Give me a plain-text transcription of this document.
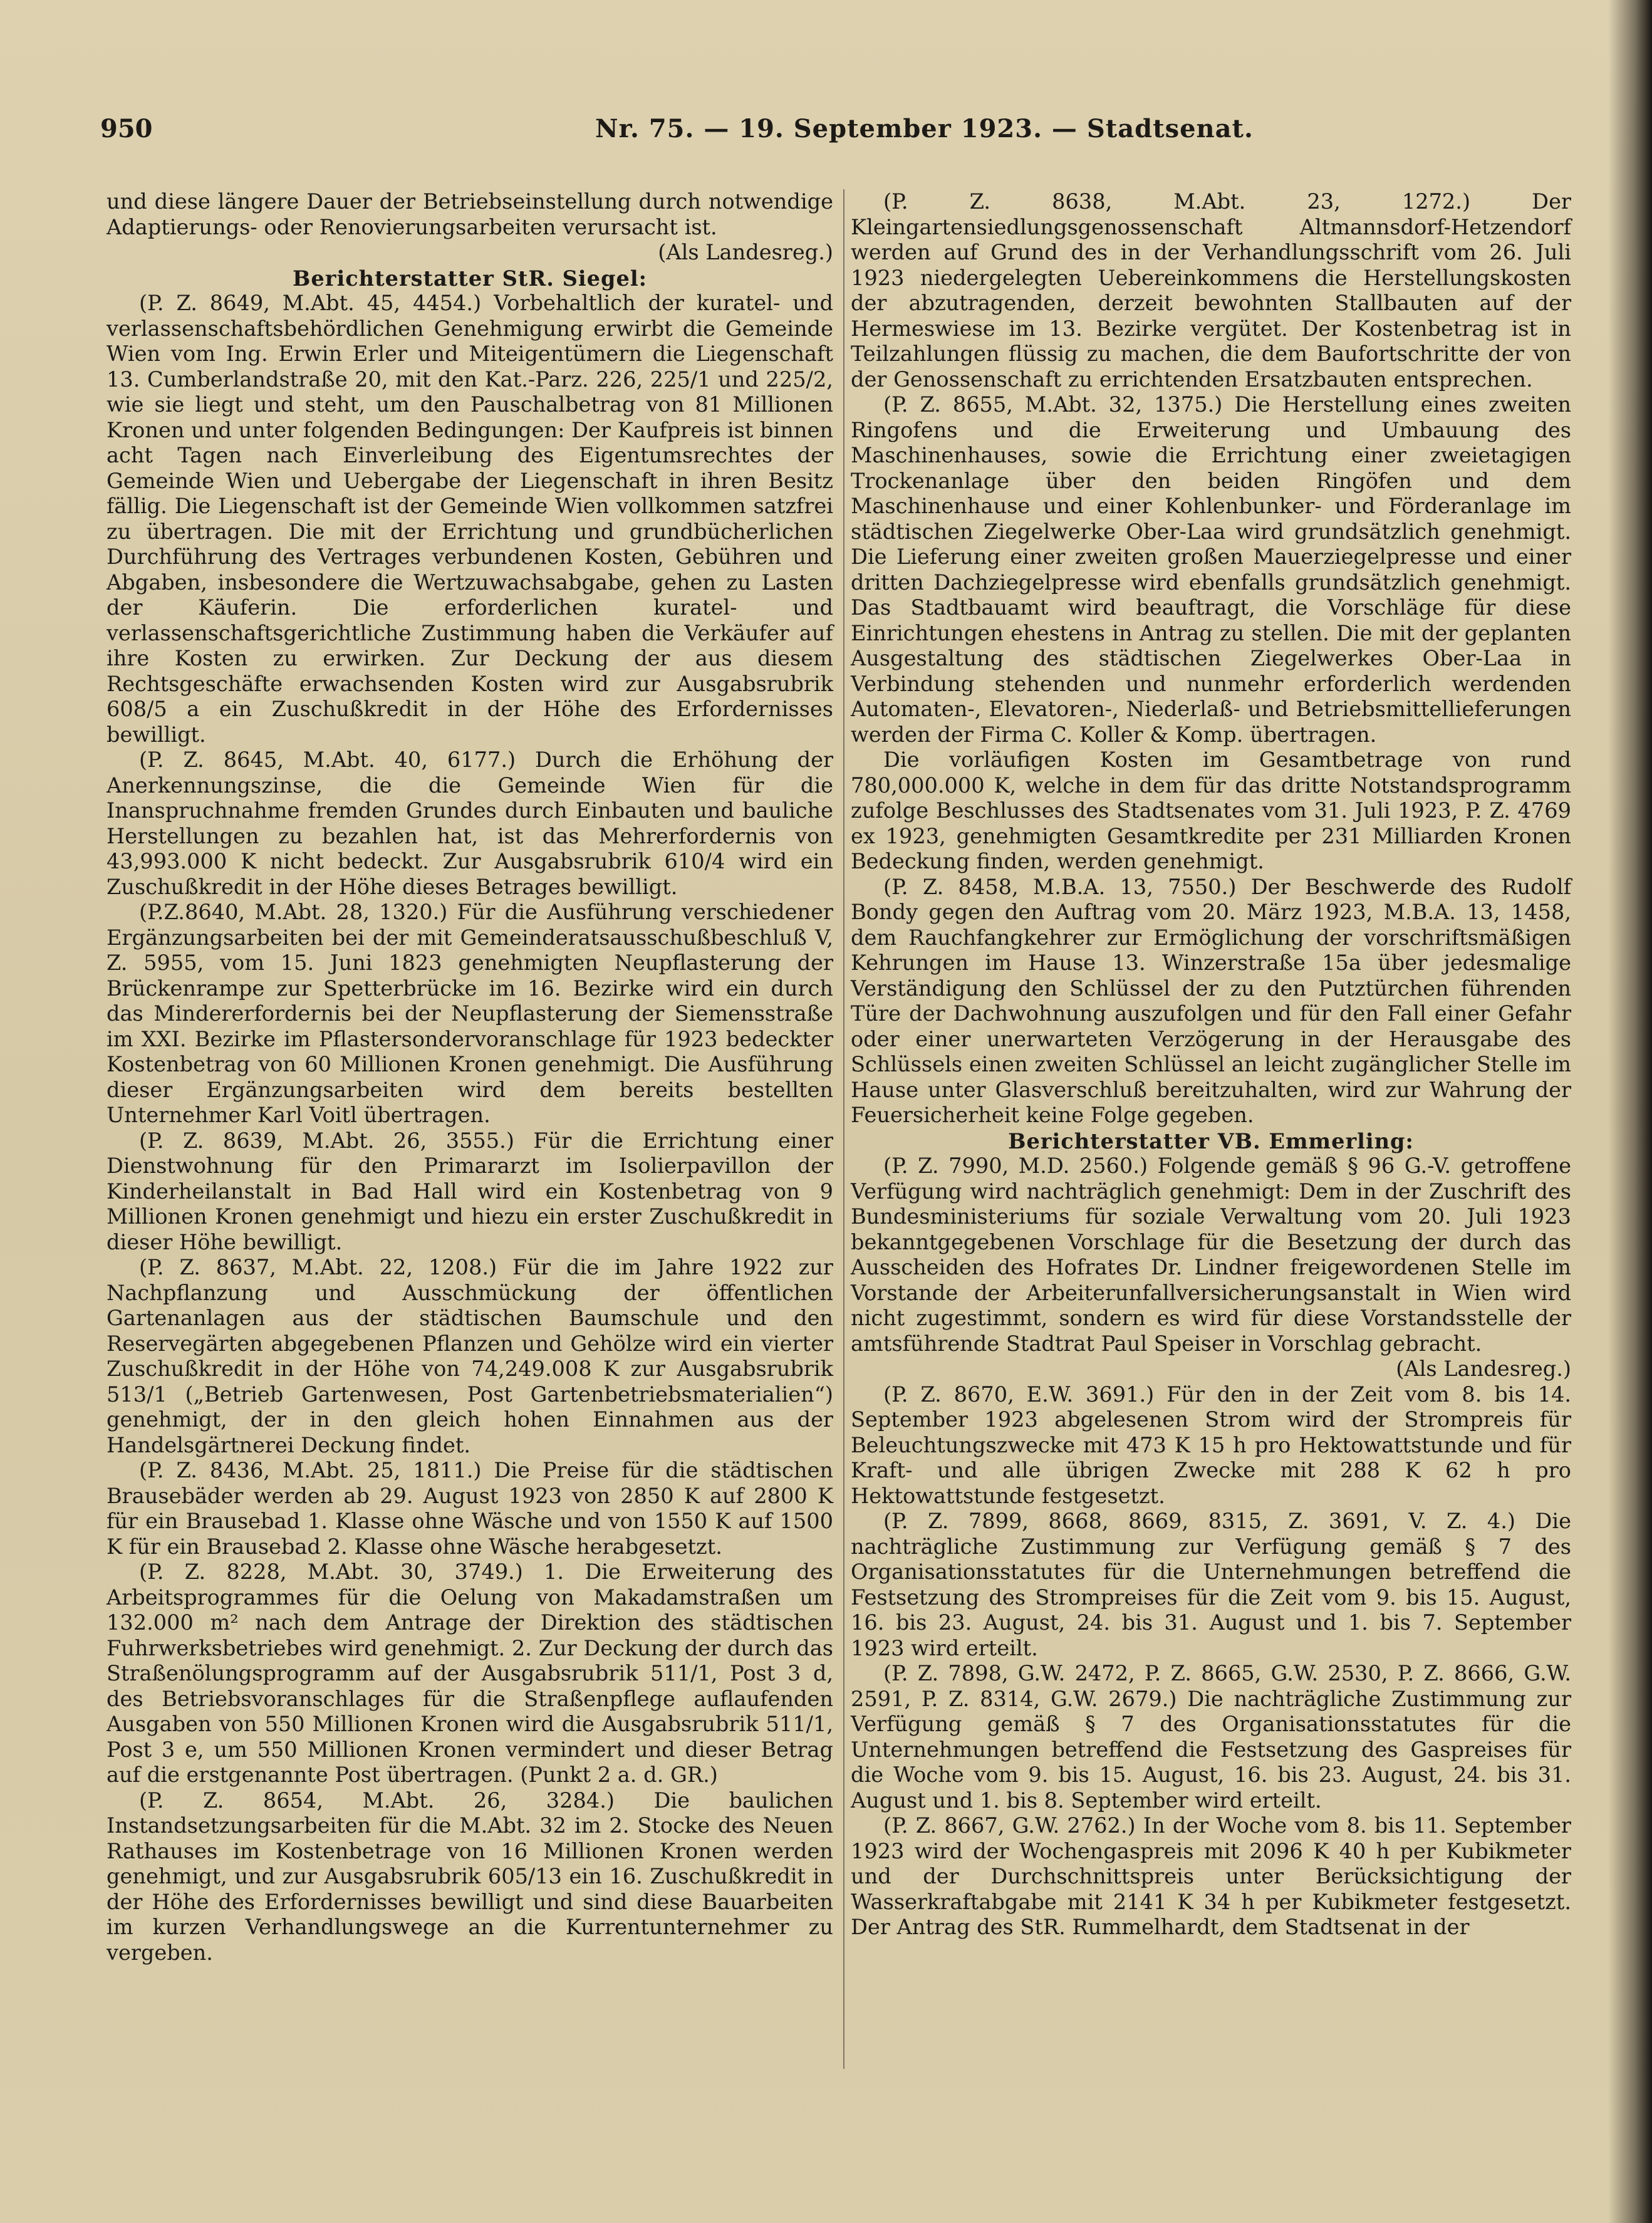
950	Nr. 75. — 19. September 1923. — Stadtsenat.

und diese längere Dauer der Betriebseinstellung durch notwendige Adaptierungs- oder Renovierungsarbeiten verursacht ist.

(Als Landesreg.)

Berichterstatter StR. Siegel:

(P. Z. 8649, M.Abt. 45, 4454.) Vorbehaltlich der kuratel- und verlassenschaftsbehördlichen Genehmigung erwirbt die Gemeinde Wien vom Ing. Erwin Erler und Miteigentümern die Liegenschaft 13. Cumberlandstraße 20, mit den Kat.-Parz. 226, 225/1 und 225/2, wie sie liegt und steht, um den Pauschalbetrag von 81 Millionen Kronen und unter folgenden Bedingungen: Der Kaufpreis ist binnen acht Tagen nach Einverleibung des Eigentumsrechtes der Gemeinde Wien und Uebergabe der Liegenschaft in ihren Besitz fällig. Die Liegenschaft ist der Gemeinde Wien vollkommen satzfrei zu übertragen. Die mit der Errichtung und grundbücherlichen Durchführung des Vertrages verbundenen Kosten, Gebühren und Abgaben, insbesondere die Wertzuwachsabgabe, gehen zu Lasten der Käuferin. Die erforderlichen kuratel- und verlassenschaftsgerichtliche Zustimmung haben die Verkäufer auf ihre Kosten zu erwirken. Zur Deckung der aus diesem Rechtsgeschäfte erwachsenden Kosten wird zur Ausgabsrubrik 608/5 a ein Zuschußkredit in der Höhe des Erfordernisses bewilligt.

(P. Z. 8645, M.Abt. 40, 6177.) Durch die Erhöhung der Anerkennungszinse, die die Gemeinde Wien für die Inanspruchnahme fremden Grundes durch Einbauten und bauliche Herstellungen zu bezahlen hat, ist das Mehrerfordernis von 43,993.000 K nicht bedeckt. Zur Ausgabsrubrik 610/4 wird ein Zuschußkredit in der Höhe dieses Betrages bewilligt.

(P.Z.8640, M.Abt. 28, 1320.) Für die Ausführung verschiedener Ergänzungsarbeiten bei der mit Gemeinderatsausschußbeschluß V, Z. 5955, vom 15. Juni 1823 genehmigten Neupflasterung der Brückenrampe zur Spetterbrücke im 16. Bezirke wird ein durch das Mindererfordernis bei der Neupflasterung der Siemensstraße im XXI. Bezirke im Pflastersondervoranschlage für 1923 bedeckter Kostenbetrag von 60 Millionen Kronen genehmigt. Die Ausführung dieser Ergänzungsarbeiten wird dem bereits bestellten Unternehmer Karl Voitl übertragen.

(P. Z. 8639, M.Abt. 26, 3555.) Für die Errichtung einer Dienstwohnung für den Primararzt im Isolierpavillon der Kinderheilanstalt in Bad Hall wird ein Kostenbetrag von 9 Millionen Kronen genehmigt und hiezu ein erster Zuschußkredit in dieser Höhe bewilligt.

(P. Z. 8637, M.Abt. 22, 1208.) Für die im Jahre 1922 zur Nachpflanzung und Ausschmückung der öffentlichen Gartenanlagen aus der städtischen Baumschule und den Reservegärten abgegebenen Pflanzen und Gehölze wird ein vierter Zuschußkredit in der Höhe von 74,249.008 K zur Ausgabsrubrik 513/1 („Betrieb Gartenwesen, Post Gartenbetriebsmaterialien“) genehmigt, der in den gleich hohen Einnahmen aus der Handelsgärtnerei Deckung findet.

(P. Z. 8436, M.Abt. 25, 1811.) Die Preise für die städtischen Brausebäder werden ab 29. August 1923 von 2850 K auf 2800 K für ein Brausebad 1. Klasse ohne Wäsche und von 1550 K auf 1500 K für ein Brausebad 2. Klasse ohne Wäsche herabgesetzt.

(P. Z. 8228, M.Abt. 30, 3749.) 1. Die Erweiterung des Arbeitsprogrammes für die Oelung von Makadamstraßen um 132.000 m² nach dem Antrage der Direktion des städtischen Fuhrwerksbetriebes wird genehmigt. 2. Zur Deckung der durch das Straßenölungsprogramm auf der Ausgabsrubrik 511/1, Post 3 d, des Betriebsvoranschlages für die Straßenpflege auflaufenden Ausgaben von 550 Millionen Kronen wird die Ausgabsrubrik 511/1, Post 3 e, um 550 Millionen Kronen vermindert und dieser Betrag auf die erstgenannte Post übertragen. (Punkt 2 a. d. GR.)

(P. Z. 8654, M.Abt. 26, 3284.) Die baulichen Instandsetzungsarbeiten für die M.Abt. 32 im 2. Stocke des Neuen Rathauses im Kostenbetrage von 16 Millionen Kronen werden genehmigt, und zur Ausgabsrubrik 605/13 ein 16. Zuschußkredit in der Höhe des Erfordernisses bewilligt und sind diese Bauarbeiten im kurzen Verhandlungswege an die Kurrentunternehmer zu vergeben.

(P. Z. 8638, M.Abt. 23, 1272.) Der Kleingartensiedlungsgenossenschaft Altmannsdorf-Hetzendorf werden auf Grund des in der Verhandlungsschrift vom 26. Juli 1923 niedergelegten Uebereinkommens die Herstellungskosten der abzutragenden, derzeit bewohnten Stallbauten auf der Hermeswiese im 13. Bezirke vergütet. Der Kostenbetrag ist in Teilzahlungen flüssig zu machen, die dem Baufortschritte der von der Genossenschaft zu errichtenden Ersatzbauten entsprechen.

(P. Z. 8655, M.Abt. 32, 1375.) Die Herstellung eines zweiten Ringofens und die Erweiterung und Umbauung des Maschinenhauses, sowie die Errichtung einer zweietagigen Trockenanlage über den beiden Ringöfen und dem Maschinenhause und einer Kohlenbunker- und Förderanlage im städtischen Ziegelwerke Ober-Laa wird grundsätzlich genehmigt. Die Lieferung einer zweiten großen Mauerziegelpresse und einer dritten Dachziegelpresse wird ebenfalls grundsätzlich genehmigt. Das Stadtbauamt wird beauftragt, die Vorschläge für diese Einrichtungen ehestens in Antrag zu stellen. Die mit der geplanten Ausgestaltung des städtischen Ziegelwerkes Ober-Laa in Verbindung stehenden und nunmehr erforderlich werdenden Automaten-, Elevatoren-, Niederlaß- und Betriebsmittellieferungen werden der Firma C. Koller & Komp. übertragen.

Die vorläufigen Kosten im Gesamtbetrage von rund 780,000.000 K, welche in dem für das dritte Notstandsprogramm zufolge Beschlusses des Stadtsenates vom 31. Juli 1923, P. Z. 4769 ex 1923, genehmigten Gesamtkredite per 231 Milliarden Kronen Bedeckung finden, werden genehmigt.

(P. Z. 8458, M.B.A. 13, 7550.) Der Beschwerde des Rudolf Bondy gegen den Auftrag vom 20. März 1923, M.B.A. 13, 1458, dem Rauchfangkehrer zur Ermöglichung der vorschriftsmäßigen Kehrungen im Hause 13. Winzerstraße 15a über jedesmalige Verständigung den Schlüssel der zu den Putztürchen führenden Türe der Dachwohnung auszufolgen und für den Fall einer Gefahr oder einer unerwarteten Verzögerung in der Herausgabe des Schlüssels einen zweiten Schlüssel an leicht zugänglicher Stelle im Hause unter Glasverschluß bereitzuhalten, wird zur Wahrung der Feuersicherheit keine Folge gegeben.

Berichterstatter VB. Emmerling:

(P. Z. 7990, M.D. 2560.) Folgende gemäß § 96 G.-V. getroffene Verfügung wird nachträglich genehmigt: Dem in der Zuschrift des Bundesministeriums für soziale Verwaltung vom 20. Juli 1923 bekanntgegebenen Vorschlage für die Besetzung der durch das Ausscheiden des Hofrates Dr. Lindner freigewordenen Stelle im Vorstande der Arbeiterunfallversicherungsanstalt in Wien wird nicht zugestimmt, sondern es wird für diese Vorstandsstelle der amtsführende Stadtrat Paul Speiser in Vorschlag gebracht.

(Als Landesreg.)

(P. Z. 8670, E.W. 3691.) Für den in der Zeit vom 8. bis 14. September 1923 abgelesenen Strom wird der Strompreis für Beleuchtungszwecke mit 473 K 15 h pro Hektowattstunde und für Kraft- und alle übrigen Zwecke mit 288 K 62 h pro Hektowattstunde festgesetzt.

(P. Z. 7899, 8668, 8669, 8315, Z. 3691, V. Z. 4.) Die nachträgliche Zustimmung zur Verfügung gemäß § 7 des Organisationsstatutes für die Unternehmungen betreffend die Festsetzung des Strompreises für die Zeit vom 9. bis 15. August, 16. bis 23. August, 24. bis 31. August und 1. bis 7. September 1923 wird erteilt.

(P. Z. 7898, G.W. 2472, P. Z. 8665, G.W. 2530, P. Z. 8666, G.W. 2591, P. Z. 8314, G.W. 2679.) Die nachträgliche Zustimmung zur Verfügung gemäß § 7 des Organisationsstatutes für die Unternehmungen betreffend die Festsetzung des Gaspreises für die Woche vom 9. bis 15. August, 16. bis 23. August, 24. bis 31. August und 1. bis 8. September wird erteilt.

(P. Z. 8667, G.W. 2762.) In der Woche vom 8. bis 11. September 1923 wird der Wochengaspreis mit 2096 K 40 h per Kubikmeter und der Durchschnittspreis unter Berücksichtigung der Wasserkraftabgabe mit 2141 K 34 h per Kubikmeter festgesetzt. Der Antrag des StR. Rummelhardt, dem Stadtsenat in der
